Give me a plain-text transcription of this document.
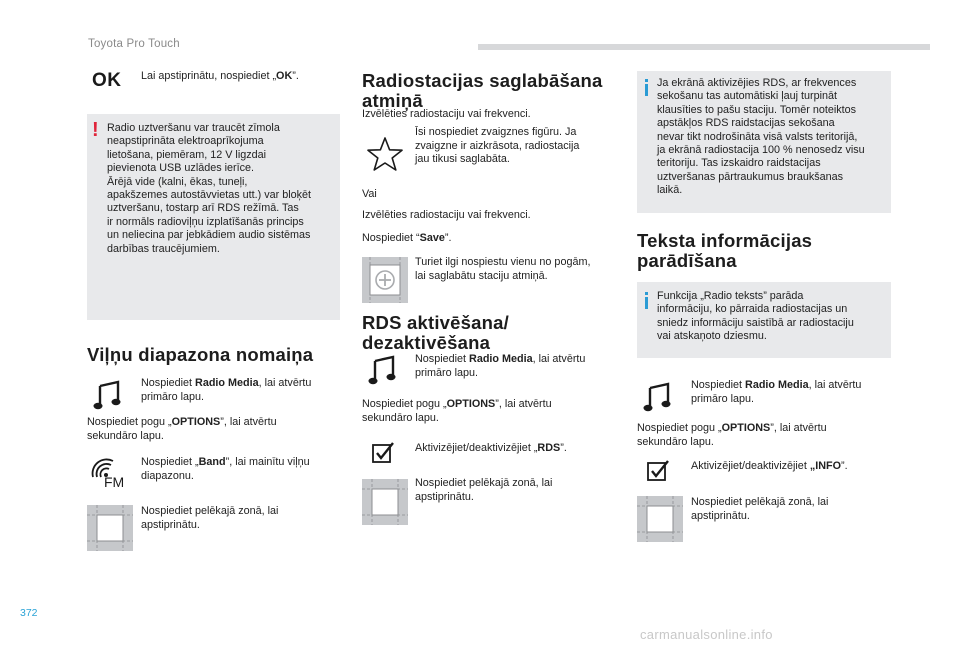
Toyota Pro Touch
OK Lai apstiprinātu, nospiediet „OK”.
! Radio uztveršanu var traucēt zīmola
neapstiprināta elektroaprīkojuma
lietošana, piemēram, 12 V ligzdai
pievienota USB uzlādes ierīce.
Ārējā vide (kalni, ēkas, tuneļi,
apakšzemes autostāvvietas utt.) var bloķēt
uztveršanu, tostarp arī RDS režīmā. Tas
ir normāls radioviļņu izplatīšanās princips
un neliecina par jebkādiem audio sistēmas
darbības traucējumiem.
Viļņu diapazona nomaiņa
Nospiediet Radio Media, lai atvērtu
primāro lapu.
Nospiediet pogu „OPTIONS”, lai atvērtu
sekundāro lapu.
FM
Nospiediet „Band”, lai mainītu viļņu
diapazonu.
Nospiediet pelēkajā zonā, lai
apstiprinātu.
Radiostacijas saglabāšana
atmiņā
Izvēlēties radiostaciju vai frekvenci.
Īsi nospiediet zvaigznes figūru. Ja
zvaigzne ir aizkrāsota, radiostacija
jau tikusi saglabāta.
Vai
Izvēlēties radiostaciju vai frekvenci.
Nospiediet “Save”.
Turiet ilgi nospiestu vienu no pogām,
lai saglabātu staciju atmiņā.
RDS aktivēšana/
dezaktivēšana
Nospiediet Radio Media, lai atvērtu
primāro lapu.
Nospiediet pogu „OPTIONS”, lai atvērtu
sekundāro lapu.
Aktivizējiet/deaktivizējiet „RDS”.
Nospiediet pelēkajā zonā, lai
apstiprinātu.
Ja ekrānā aktivizējies RDS, ar frekvences
sekošanu tas automātiski ļauj turpināt
klausīties to pašu staciju. Tomēr noteiktos
apstākļos RDS raidstacijas sekošana
nevar tikt nodrošināta visā valsts teritorijā,
ja ekrānā radiostacija 100 % nenosedz visu
teritoriju. Tas izskaidro raidstacijas
uztveršanas pārtraukumus braukšanas
laikā.
Teksta informācijas
parādīšana
Funkcija „Radio teksts” parāda
informāciju, ko pārraida radiostacijas un
sniedz informāciju saistībā ar radiostaciju
vai atskaņoto dziesmu.
Nospiediet Radio Media, lai atvērtu
primāro lapu.
Nospiediet pogu „OPTIONS”, lai atvērtu
sekundāro lapu.
Aktivizējiet/deaktivizējiet „INFO”.
Nospiediet pelēkajā zonā, lai
apstiprinātu.
372
carmanualsonline.info
